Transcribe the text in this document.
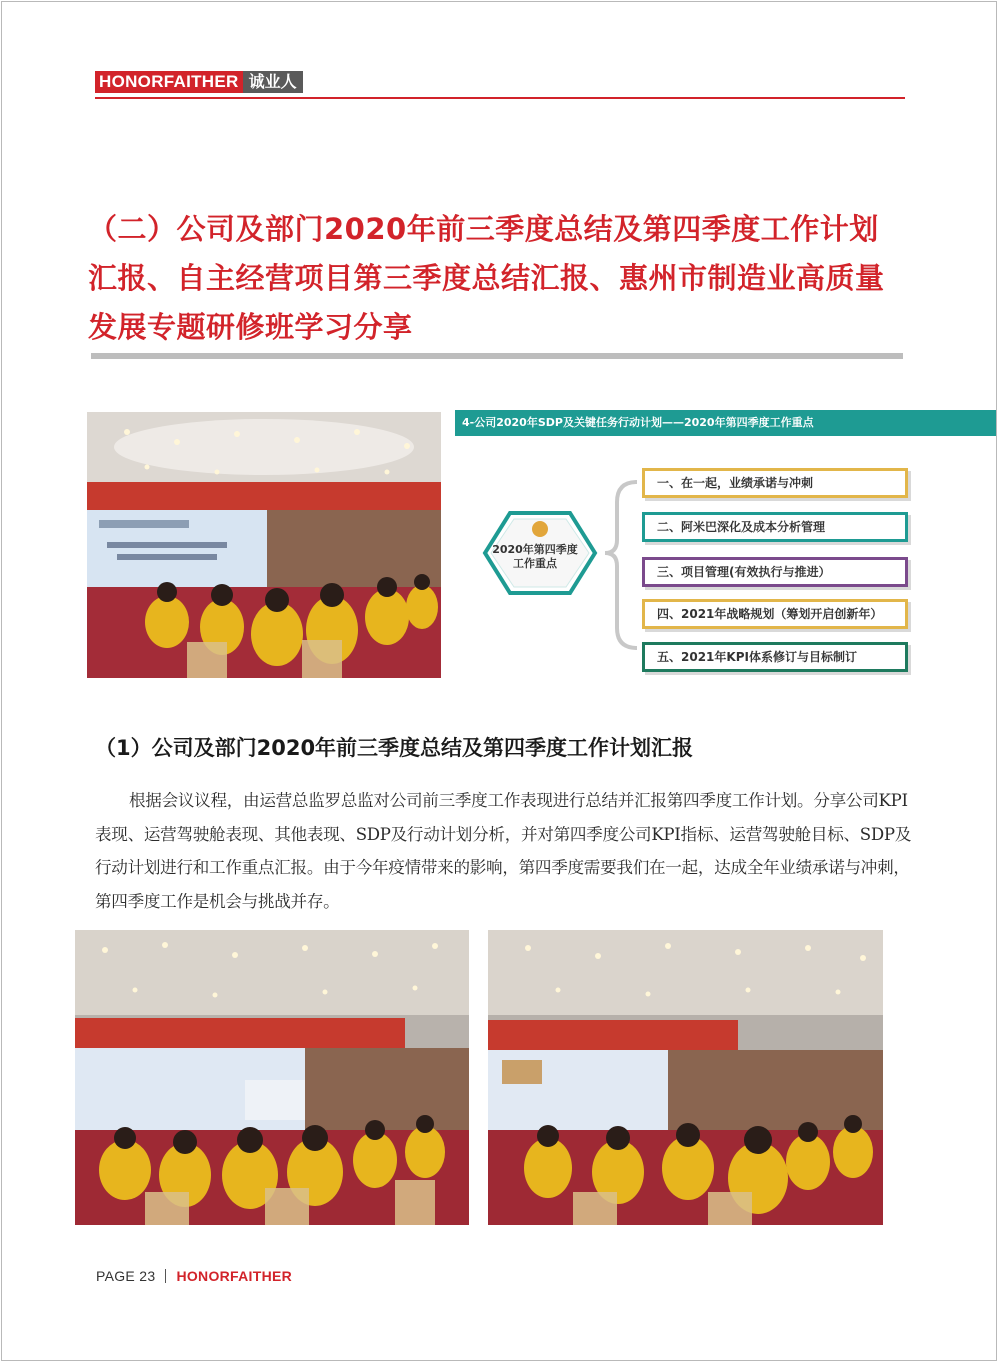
HONORFAITHER 诚业人
（二）公司及部门2020年前三季度总结及第四季度工作计划汇报、自主经营项目第三季度总结汇报、惠州市制造业高质量发展专题研修班学习分享
4-公司2020年SDP及关键任务行动计划——2020年第四季度工作重点
2020年第四季度
工作重点
一、在一起，业绩承诺与冲刺
二、阿米巴深化及成本分析管理
三、项目管理(有效执行与推进）
四、2021年战略规划（筹划开启创新年）
五、2021年KPI体系修订与目标制订
（1）公司及部门2020年前三季度总结及第四季度工作计划汇报

根据会议议程，由运营总监罗总监对公司前三季度工作表现进行总结并汇报第四季度工作计划。分享公司KPI表现、运营驾驶舱表现、其他表现、SDP及行动计划分析，并对第四季度公司KPI指标、运营驾驶舱目标、SDP及行动计划进行和工作重点汇报。由于今年疫情带来的影响，第四季度需要我们在一起，达成全年业绩承诺与冲刺，第四季度工作是机会与挑战并存。

PAGE 23 HONORFAITHER
